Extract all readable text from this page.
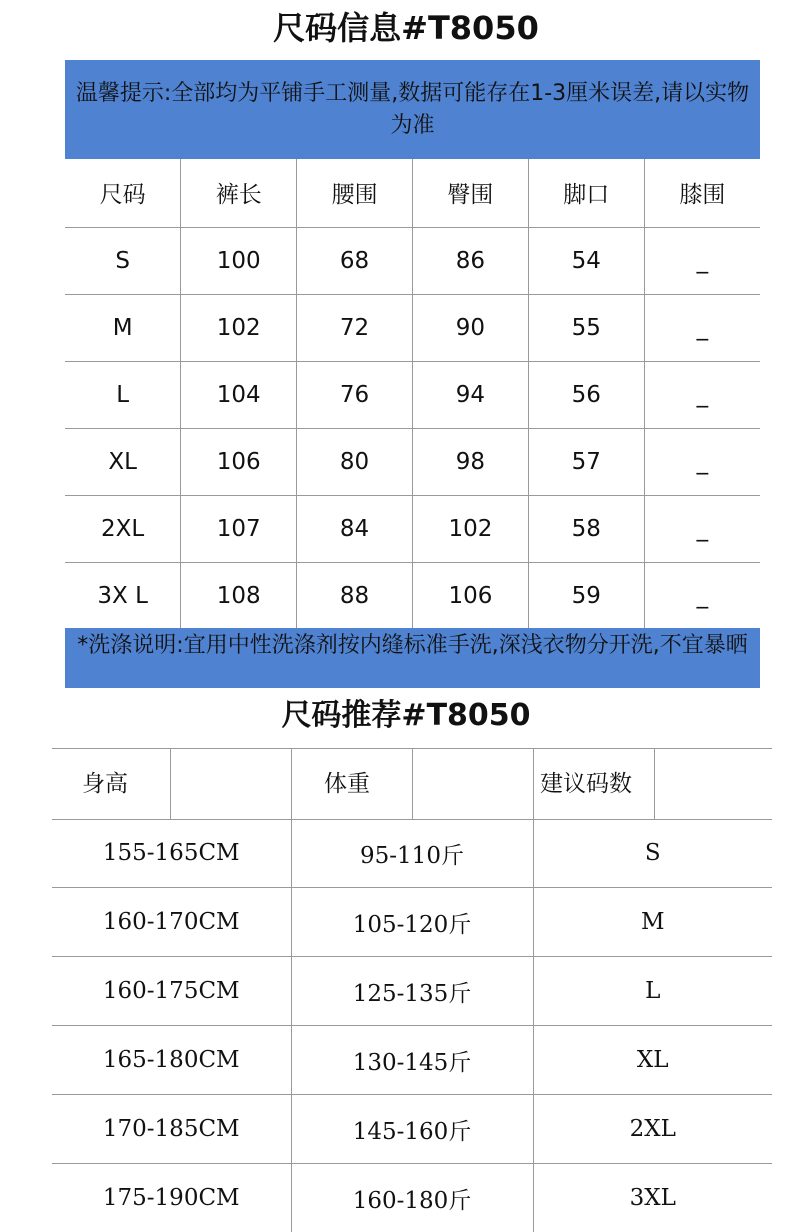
尺码信息#T8050
温馨提示:全部均为平铺手工测量,数据可能存在1-3厘米误差,请以实物为准
尺码	裤长	腰围	臀围	脚口	膝围
S	100	68	86	54	_
M	102	72	90	55	_
L	104	76	94	56	_
XL	106	80	98	57	_
2XL	107	84	102	58	_
3X L	108	88	106	59	_
*洗涤说明:宜用中性洗涤剂按内缝标准手洗,深浅衣物分开洗,不宜暴晒
尺码推荐#T8050
身高	体重	建议码数
155-165CM	95-110斤	S
160-170CM	105-120斤	M
160-175CM	125-135斤	L
165-180CM	130-145斤	XL
170-185CM	145-160斤	2XL
175-190CM	160-180斤	3XL
